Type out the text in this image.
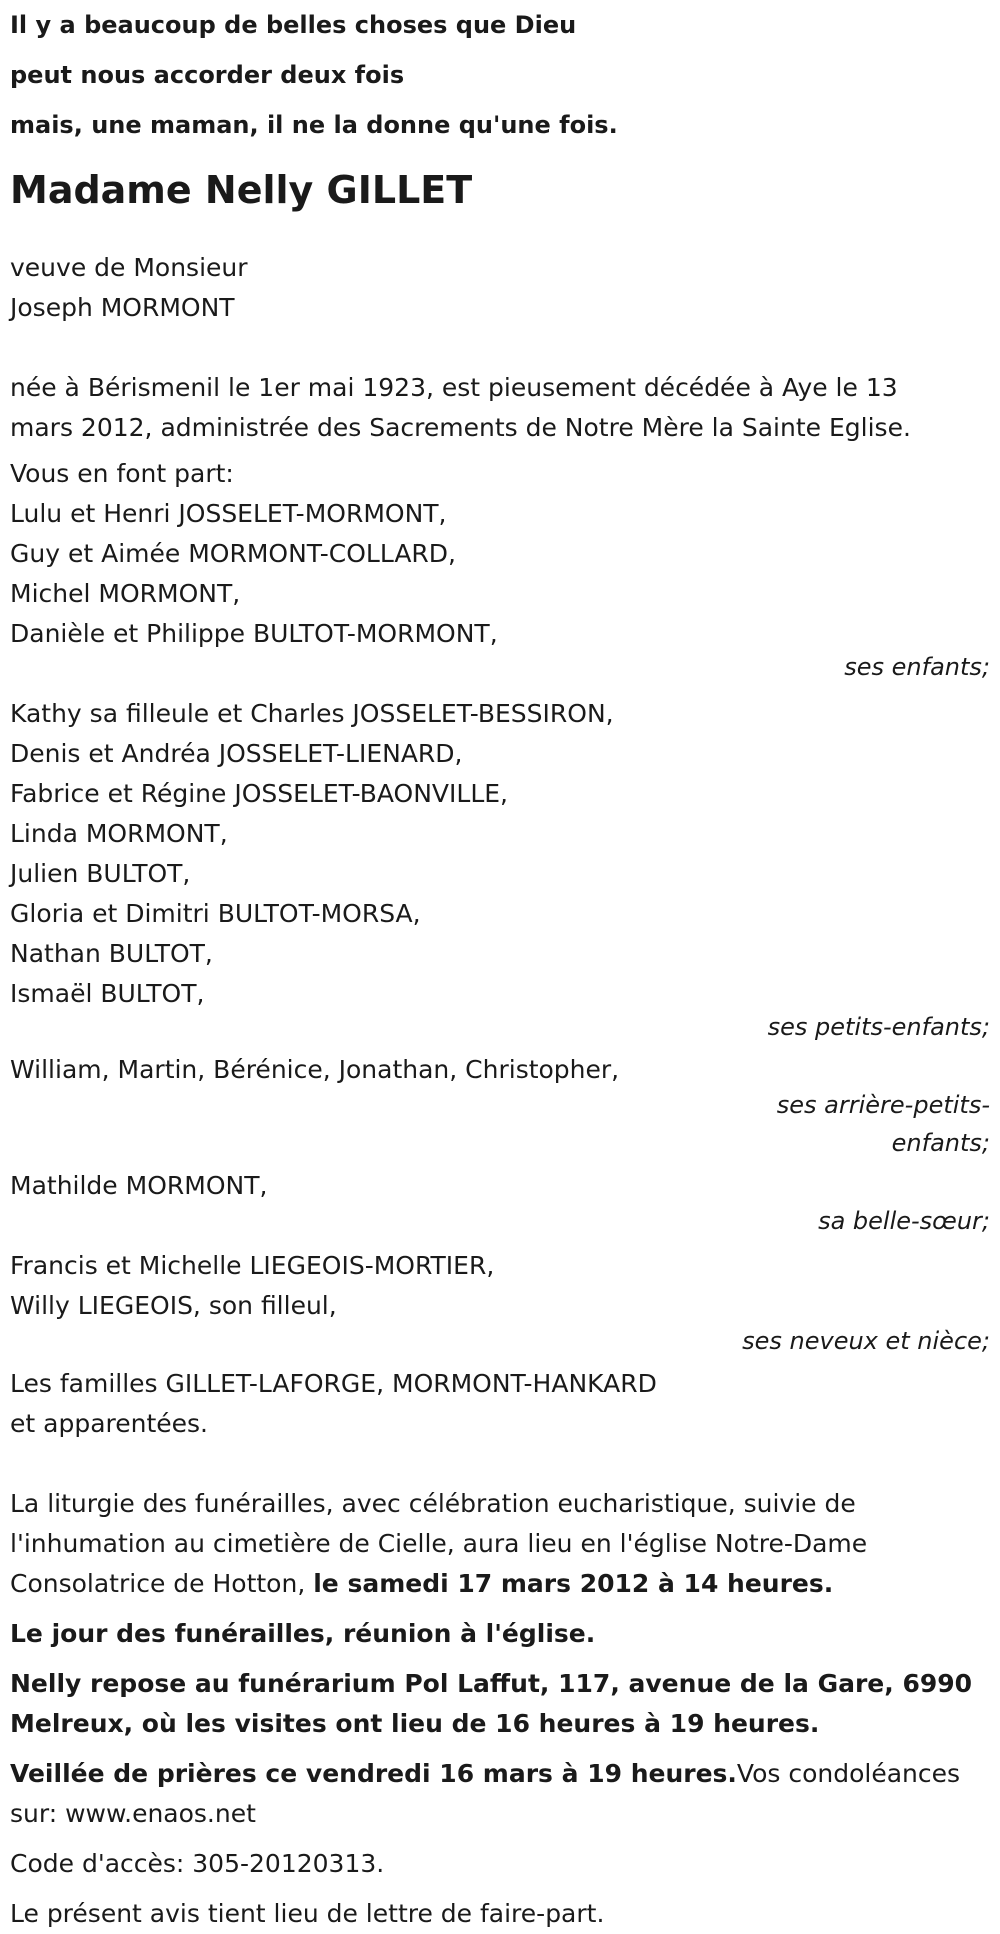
Il y a beaucoup de belles choses que Dieu
peut nous accorder deux fois
mais, une maman, il ne la donne qu'une fois.
Madame Nelly GILLET
veuve de Monsieur
Joseph MORMONT
née à Bérismenil le 1er mai 1923, est pieusement décédée à Aye le 13
mars 2012, administrée des Sacrements de Notre Mère la Sainte Eglise.
Vous en font part:
Lulu et Henri JOSSELET-MORMONT,
Guy et Aimée MORMONT-COLLARD,
Michel MORMONT,
Danièle et Philippe BULTOT-MORMONT,
ses enfants;
Kathy sa filleule et Charles JOSSELET-BESSIRON,
Denis et Andréa JOSSELET-LIENARD,
Fabrice et Régine JOSSELET-BAONVILLE,
Linda MORMONT,
Julien BULTOT,
Gloria et Dimitri BULTOT-MORSA,
Nathan BULTOT,
Ismaël BULTOT,
ses petits-enfants;
William, Martin, Bérénice, Jonathan, Christopher,
ses arrière-petits-
enfants;
Mathilde MORMONT,
sa belle-sœur;
Francis et Michelle LIEGEOIS-MORTIER,
Willy LIEGEOIS, son filleul,
ses neveux et nièce;
Les familles GILLET-LAFORGE, MORMONT-HANKARD
et apparentées.
La liturgie des funérailles, avec célébration eucharistique, suivie de
l'inhumation au cimetière de Cielle, aura lieu en l'église Notre-Dame
Consolatrice de Hotton, le samedi 17 mars 2012 à 14 heures.
Le jour des funérailles, réunion à l'église.
Nelly repose au funérarium Pol Laffut, 117, avenue de la Gare, 6990
Melreux, où les visites ont lieu de 16 heures à 19 heures.
Veillée de prières ce vendredi 16 mars à 19 heures.Vos condoléances
sur: www.enaos.net
Code d'accès: 305-20120313.
Le présent avis tient lieu de lettre de faire-part.
